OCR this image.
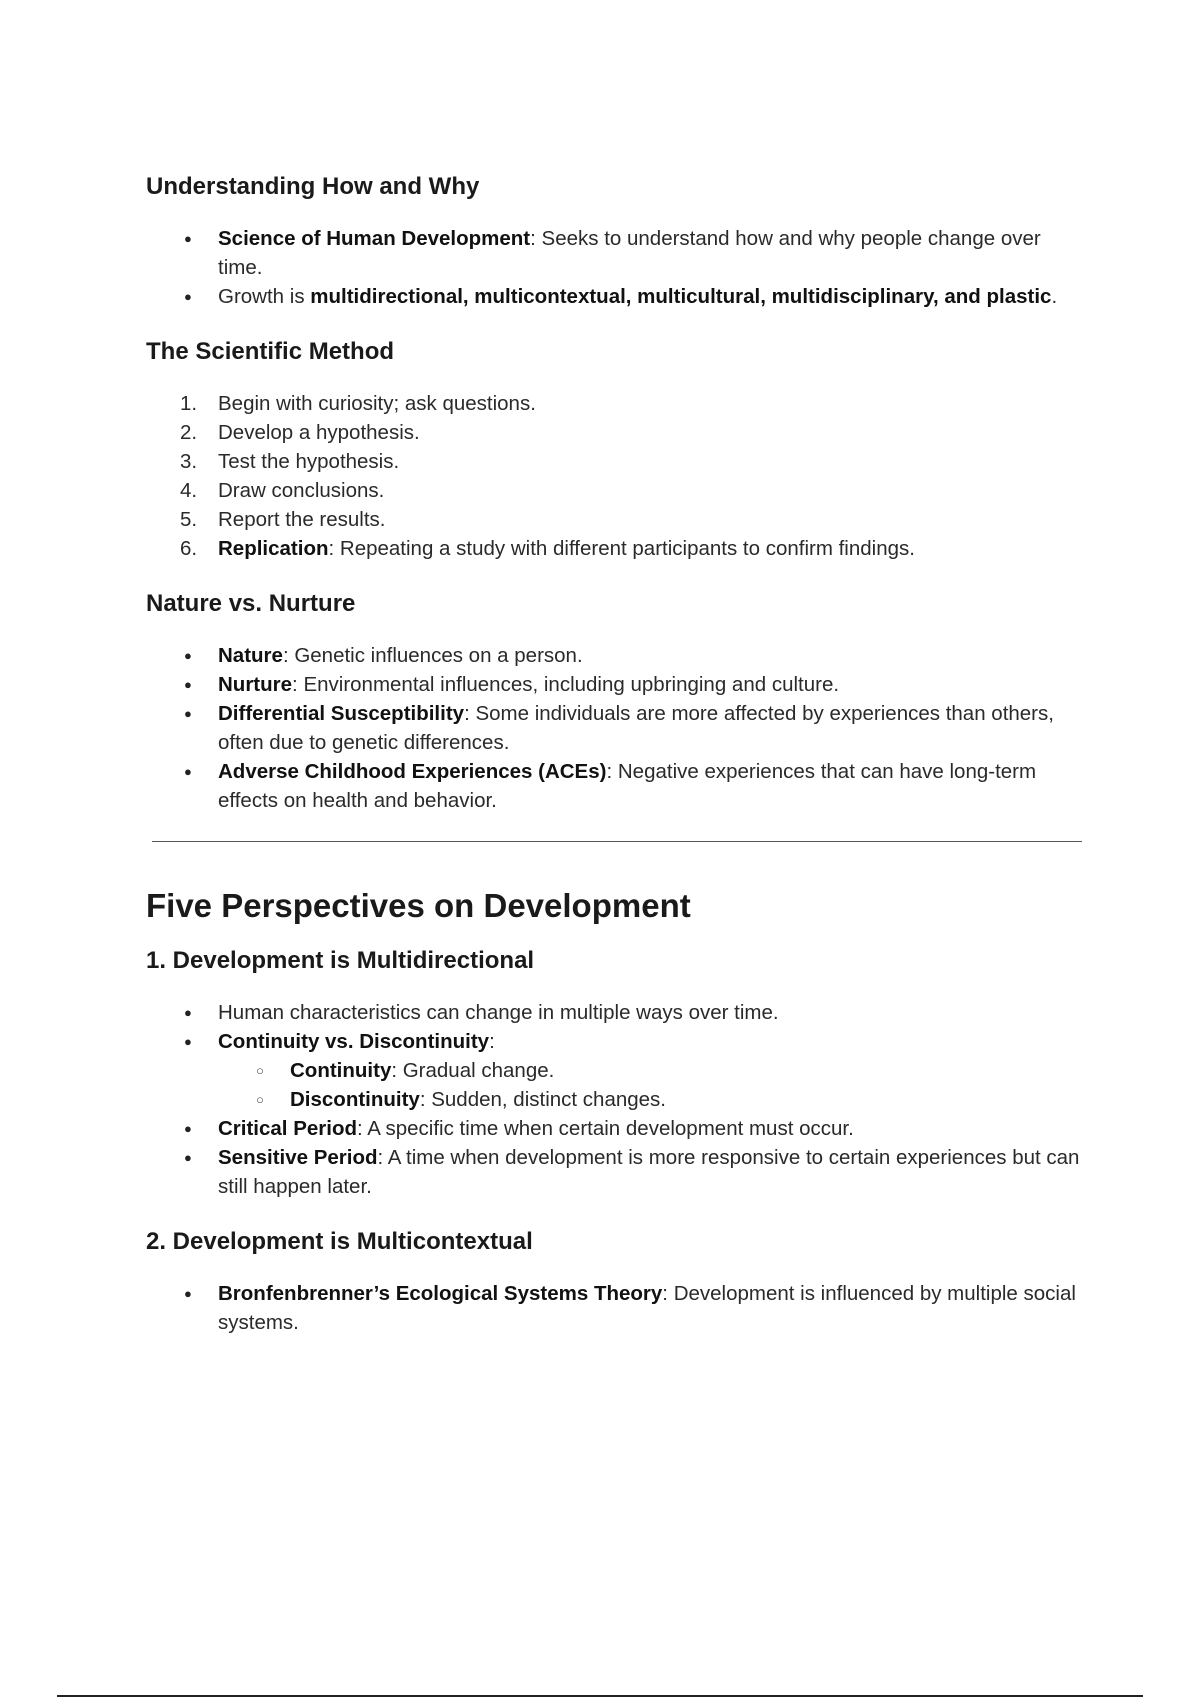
Understanding How and Why
● Science of Human Development: Seeks to understand how and why people change over time.
● Growth is multidirectional, multicontextual, multicultural, multidisciplinary, and plastic.
The Scientific Method
1.	Begin with curiosity; ask questions.
2.	Develop a hypothesis.
3.	Test the hypothesis.
4.	Draw conclusions.
5.	Report the results.
6.	Replication: Repeating a study with different participants to confirm findings.
Nature vs. Nurture
● Nature: Genetic influences on a person.
● Nurture: Environmental influences, including upbringing and culture.
● Differential Susceptibility: Some individuals are more affected by experiences than others, often due to genetic differences.
● Adverse Childhood Experiences (ACEs): Negative experiences that can have long-term effects on health and behavior.
Five Perspectives on Development
1. Development is Multidirectional
● Human characteristics can change in multiple ways over time.
● Continuity vs. Discontinuity:
○ Continuity: Gradual change.
○ Discontinuity: Sudden, distinct changes.
● Critical Period: A specific time when certain development must occur.
● Sensitive Period: A time when development is more responsive to certain experiences but can still happen later.
2. Development is Multicontextual
● Bronfenbrenner’s Ecological Systems Theory: Development is influenced by multiple social systems.
